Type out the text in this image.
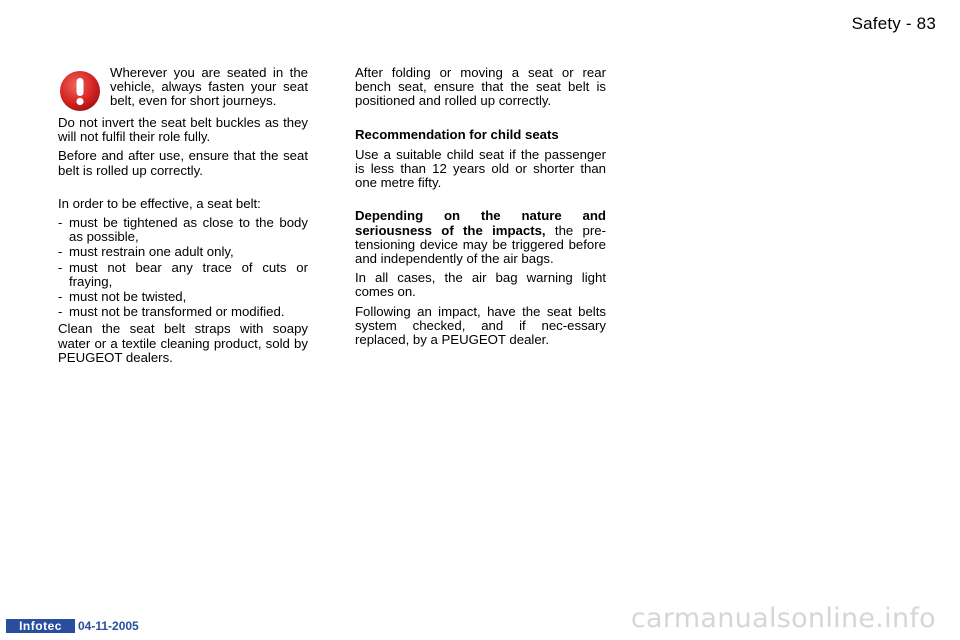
Safety - 83
Wherever you are seated in the vehicle, always fasten your seat belt, even for short journeys.

Do not invert the seat belt buckles as they will not fulfil their role fully.

Before and after use, ensure that the seat belt is rolled up correctly.

In order to be effective, a seat belt:

- must be tightened as close to the body as possible,
- must restrain one adult only,
- must not bear any trace of cuts or fraying,
- must not be twisted,
- must not be transformed or modified.

Clean the seat belt straps with soapy water or a textile cleaning product, sold by PEUGEOT dealers.

After folding or moving a seat or rear bench seat, ensure that the seat belt is positioned and rolled up correctly.

Recommendation for child seats

Use a suitable child seat if the passenger is less than 12 years old or shorter than one metre fifty.

Depending on the nature and seriousness of the impacts, the pre-tensioning device may be triggered before and independently of the air bags.

In all cases, the air bag warning light comes on.

Following an impact, have the seat belts system checked, and if nec-essary replaced, by a PEUGEOT dealer.

Infotec	04-11-2005	carmanualsonline.info
